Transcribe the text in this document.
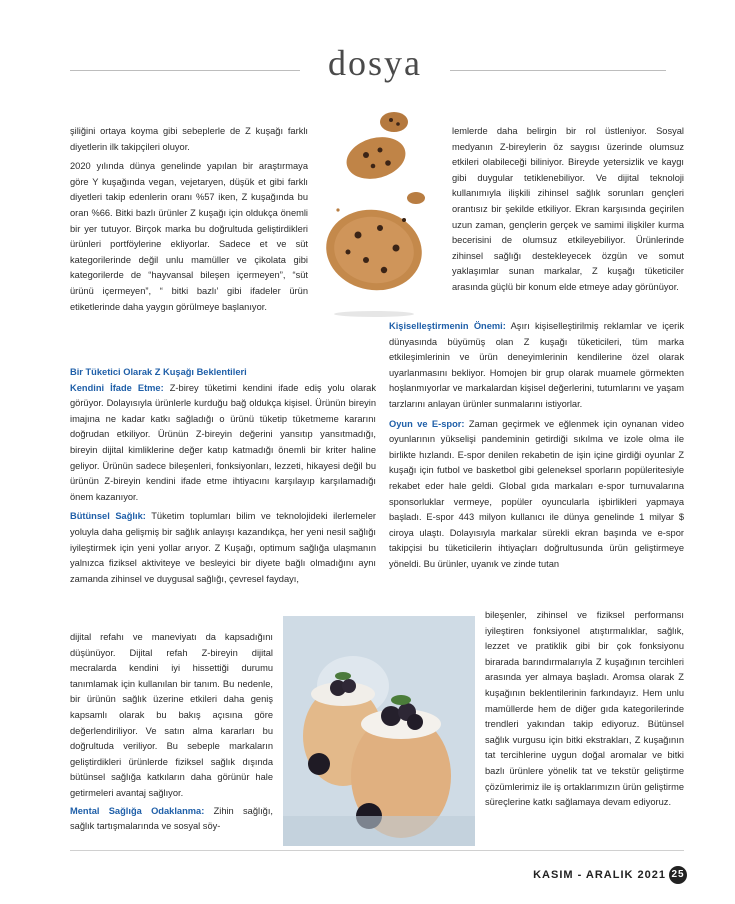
dosya

şiliğini ortaya koyma gibi sebeplerle de Z kuşağı farklı diyetlerin ilk takipçileri oluyor.

2020 yılında dünya genelinde yapılan bir araştırmaya göre Y kuşağında vegan, vejetaryen, düşük et gibi farklı diyetleri takip edenlerin oranı %57 iken, Z kuşağında bu oran %66. Bitki bazlı ürünler Z kuşağı için oldukça önemli bir yer tutuyor. Birçok marka bu doğrultuda geliştirdikleri ürünleri portföylerine ekliyorlar. Sadece et ve süt kategorilerinde değil unlu mamüller ve çikolata gibi kategorilerde de “hayvansal bileşen içermeyen”, “süt ürünü içermeyen”, “ bitki bazlı’ gibi ifadeler ürün etiketlerinde daha yaygın görülmeye başlanıyor.

Bir Tüketici Olarak Z Kuşağı Beklentileri

Kendini İfade Etme: Z-birey tüketimi kendini ifade ediş yolu olarak görüyor. Dolayısıyla ürünlerle kurduğu bağ oldukça kişisel. Ürünün bireyin imajına ne kadar katkı sağladığı o ürünü tüketip tüketmeme kararını doğrudan etkiliyor. Ürünün Z-bireyin değerini yansıtıp yansıtmadığı, bireyin dijital kimliklerine değer katıp katmadığı önemli bir kriter haline geliyor. Ürünün sadece bileşenleri, fonksiyonları, lezzeti, hikayesi değil bu ürünün Z-bireyin kendini ifade etme ihtiyacını karşılayıp karşılamadığı önem kazanıyor.

Bütünsel Sağlık: Tüketim toplumları bilim ve teknolojideki ilerlemeler yoluyla daha gelişmiş bir sağlık anlayışı kazandıkça, her yeni nesil sağlığı iyileştirmek için yeni yollar arıyor. Z Kuşağı, optimum sağlığa ulaşmanın yalnızca fiziksel aktiviteye ve besleyici bir diyete bağlı olmadığını aynı zamanda zihinsel ve duygusal sağlığı, çevresel faydayı,

dijital refahı ve maneviyatı da kapsadığını düşünüyor. Dijital refah Z-bireyin dijital mecralarda kendini iyi hissettiği durumu tanımlamak için kullanılan bir tanım. Bu nedenle, bir ürünün sağlık üzerine etkileri daha geniş kapsamlı olarak bu bakış açısına göre değerlendiriliyor. Ve satın alma kararları bu doğrultuda veriliyor. Bu sebeple markaların geliştirdikleri ürünlerde fiziksel sağlık dışında bütünsel sağlığa katkıların daha görünür hale getirmeleri avantaj sağlıyor.

Mental Sağlığa Odaklanma: Zihin sağlığı, sağlık tartışmalarında ve sosyal söy-

lemlerde daha belirgin bir rol üstleniyor. Sosyal medyanın Z-bireylerin öz saygısı üzerinde olumsuz etkileri olabileceği biliniyor. Bireyde yetersizlik ve kaygı gibi duygular tetiklenebiliyor. Ve dijital teknoloji kullanımıyla ilişkili zihinsel sağlık sorunları gençleri orantısız bir şekilde etkiliyor. Ekran karşısında geçirilen uzun zaman, gençlerin gerçek ve samimi ilişkiler kurma becerisini de olumsuz etkileyebiliyor. Ürünlerinde zihinsel sağlığı destekleyecek özgün ve somut yaklaşımlar sunan markalar, Z kuşağı tüketiciler arasında güçlü bir konum elde etmeye aday görünüyor.

Kişiselleştirmenin Önemi: Aşırı kişiselleştirilmiş reklamlar ve içerik dünyasında büyümüş olan Z kuşağı tüketicileri, tüm marka etkileşimlerinin ve ürün deneyimlerinin kendilerine özel olarak uyarlanmasını bekliyor. Homojen bir grup olarak muamele görmekten hoşlanmıyorlar ve markalardan kişisel değerlerini, tutumlarını ve yaşam tarzlarını anlayan ürünler sunmalarını istiyorlar.

Oyun ve E-spor: Zaman geçirmek ve eğlenmek için oynanan video oyunlarının yükselişi pandeminin getirdiği sıkılma ve izole olma ile birlikte hızlandı. E-spor denilen rekabetin de işin içine girdiği oyunlar Z kuşağı için futbol ve basketbol gibi geleneksel sporların popüleritesiyle rekabet eder hale geldi. Global gıda markaları e-spor turnuvalarına sponsorluklar vermeye, popüler oyuncularla işbirlikleri yapmaya başladı. E-spor 443 milyon kullanıcı ile dünya genelinde 1 milyar $ ciroya ulaştı. Dolayısıyla markalar sürekli ekran başında ve e-spor takipçisi bu tüketicilerin ihtiyaçları doğrultusunda ürün geliştirmeye yöneldi. Bu ürünler, uyanık ve zinde tutan

bileşenler, zihinsel ve fiziksel performansı iyileştiren fonksiyonel atıştırmalıklar, sağlık, lezzet ve pratiklik gibi bir çok fonksiyonu birarada barındırmalarıyla Z kuşağının tercihleri arasında yer almaya başladı. Aromsa olarak Z kuşağının beklentilerinin farkındayız. Hem unlu mamüllerde hem de diğer gıda kategorilerinde trendleri yakından takip ediyoruz. Bütünsel sağlık vurgusu için bitki ekstrakları, Z kuşağının tat tercihlerine uygun doğal aromalar ve bitki bazlı ürünlere yönelik tat ve tekstür geliştirme çözümlerimiz ile iş ortaklarımızın ürün geliştirme süreçlerine katkı sağlamaya devam ediyoruz.

KASIM - ARALIK 2021 25
